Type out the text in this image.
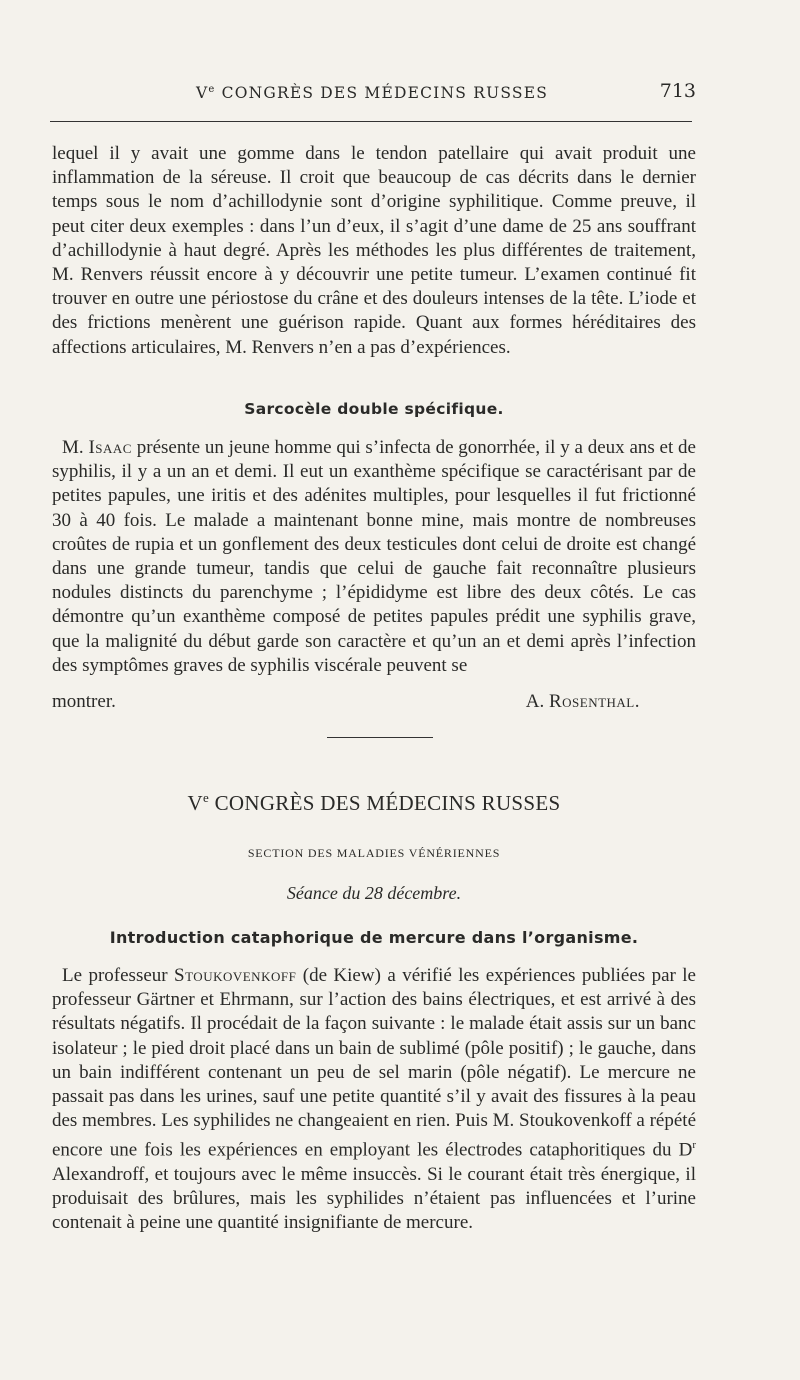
Ve CONGRÈS DES MÉDECINS RUSSES	713

lequel il y avait une gomme dans le tendon patellaire qui avait produit une inflammation de la séreuse. Il croit que beaucoup de cas décrits dans le dernier temps sous le nom d’achillodynie sont d’origine syphilitique. Comme preuve, il peut citer deux exemples : dans l’un d’eux, il s’agit d’une dame de 25 ans souffrant d’achillodynie à haut degré. Après les méthodes les plus différentes de traitement, M. Renvers réussit encore à y découvrir une petite tumeur. L’examen continué fit trouver en outre une périostose du crâne et des douleurs intenses de la tête. L’iode et des frictions menèrent une guérison rapide. Quant aux formes héréditaires des affections articulaires, M. Renvers n’en a pas d’expériences.

Sarcocèle double spécifique.

M. Isaac présente un jeune homme qui s’infecta de gonorrhée, il y a deux ans et de syphilis, il y a un an et demi. Il eut un exanthème spécifique se caractérisant par de petites papules, une iritis et des adénites multiples, pour lesquelles il fut frictionné 30 à 40 fois. Le malade a maintenant bonne mine, mais montre de nombreuses croûtes de rupia et un gonflement des deux testicules dont celui de droite est changé dans une grande tumeur, tandis que celui de gauche fait reconnaître plusieurs nodules distincts du parenchyme ; l’épididyme est libre des deux côtés. Le cas démontre qu’un exanthème composé de petites papules prédit une syphilis grave, que la malignité du début garde son caractère et qu’un an et demi après l’infection des symptômes graves de syphilis viscérale peuvent se

montrer.	A. Rosenthal.
Ve CONGRÈS DES MÉDECINS RUSSES
SECTION DES MALADIES VÉNÉRIENNES
Séance du 28 décembre.

Introduction cataphorique de mercure dans l’organisme.

Le professeur Stoukovenkoff (de Kiew) a vérifié les expériences publiées par le professeur Gärtner et Ehrmann, sur l’action des bains électriques, et est arrivé à des résultats négatifs. Il procédait de la façon suivante : le malade était assis sur un banc isolateur ; le pied droit placé dans un bain de sublimé (pôle positif) ; le gauche, dans un bain indifférent contenant un peu de sel marin (pôle négatif). Le mercure ne passait pas dans les urines, sauf une petite quantité s’il y avait des fissures à la peau des membres. Les syphilides ne changeaient en rien. Puis M. Stoukovenkoff a répété encore une fois les expériences en employant les électrodes cataphoritiques du $D^r$ Alexandroff, et toujours avec le même insuccès. Si le courant était très énergique, il produisait des brûlures, mais les syphilides n’étaient pas influencées et l’urine contenait à peine une quantité insignifiante de mercure.
